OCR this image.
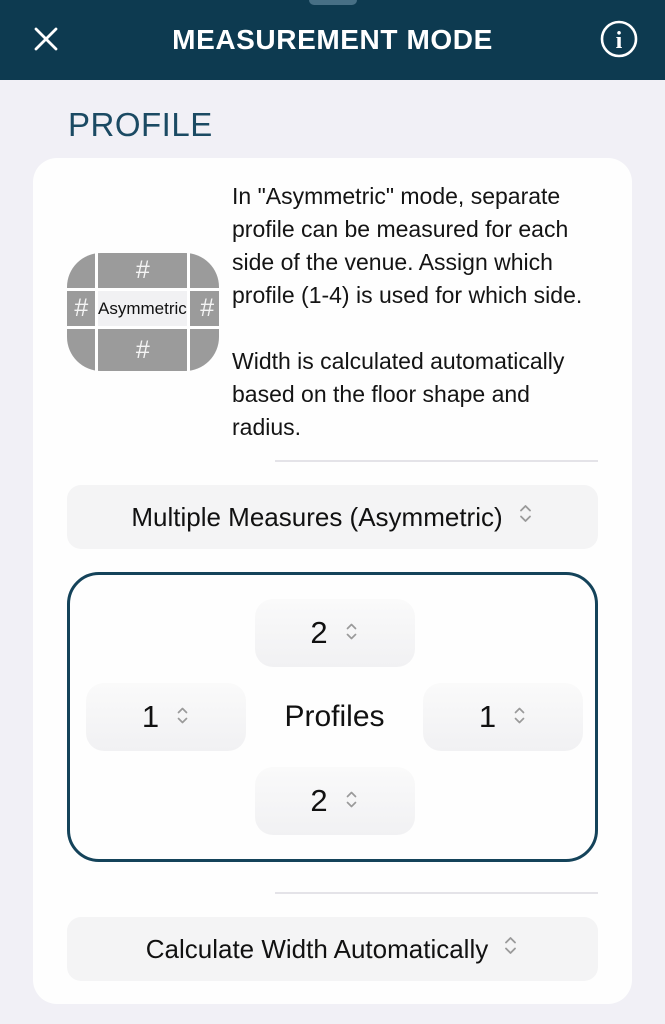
MEASUREMENT MODE	i
PROFILE
#
# Asymmetric #
#

In "Asymmetric" mode, separate profile can be measured for each side of the venue. Assign which profile (1-4) is used for which side.

Width is calculated automatically based on the floor shape and radius.

Multiple Measures (Asymmetric)
2
1	Profiles	1
2
Calculate Width Automatically
